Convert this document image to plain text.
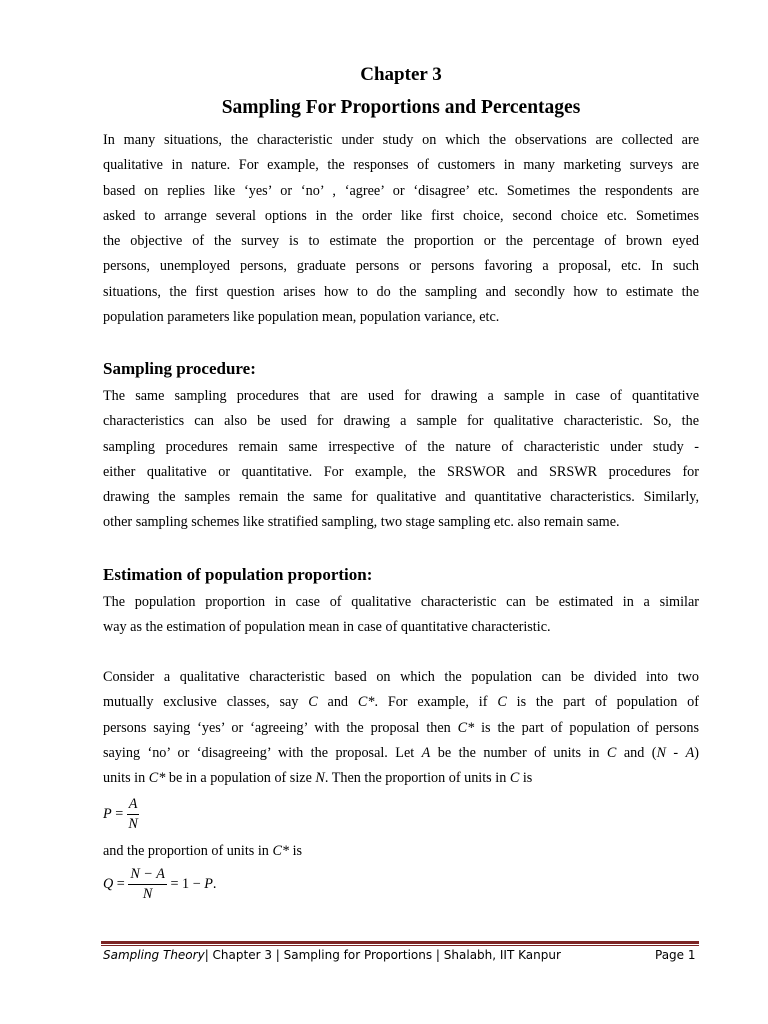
Chapter 3
Sampling For Proportions and Percentages
In many situations, the characteristic under study on which the observations are collected are
qualitative in nature. For example, the responses of customers in many marketing surveys are
based on replies like ‘yes’ or ‘no’ , ‘agree’ or ‘disagree’ etc. Sometimes the respondents are
asked to arrange several options in the order like first choice, second choice etc. Sometimes
the objective of the survey is to estimate the proportion or the percentage of brown eyed
persons, unemployed persons, graduate persons or persons favoring a proposal, etc. In such
situations, the first question arises how to do the sampling and secondly how to estimate the
population parameters like population mean, population variance, etc.
Sampling procedure:
The same sampling procedures that are used for drawing a sample in case of quantitative
characteristics can also be used for drawing a sample for qualitative characteristic. So, the
sampling procedures remain same irrespective of the nature of characteristic under study -
either qualitative or quantitative. For example, the SRSWOR and SRSWR procedures for
drawing the samples remain the same for qualitative and quantitative characteristics. Similarly,
other sampling schemes like stratified sampling, two stage sampling etc. also remain same.
Estimation of population proportion:
The population proportion in case of qualitative characteristic can be estimated in a similar
way as the estimation of population mean in case of quantitative characteristic.
Consider a qualitative characteristic based on which the population can be divided into two
mutually exclusive classes, say C and C*. For example, if C is the part of population of
persons saying ‘yes’ or ‘agreeing’ with the proposal then C* is the part of population of persons
saying ‘no’ or ‘disagreeing’ with the proposal. Let A be the number of units in C and (N - A)
units in C* be in a population of size N. Then the proportion of units in C is
$P = \frac{A}{N}$
and the proportion of units in C* is
$Q = \frac{N - A}{N} = 1 - P$.
Sampling Theory| Chapter 3 | Sampling for Proportions | Shalabh, IIT Kanpur	Page 1
